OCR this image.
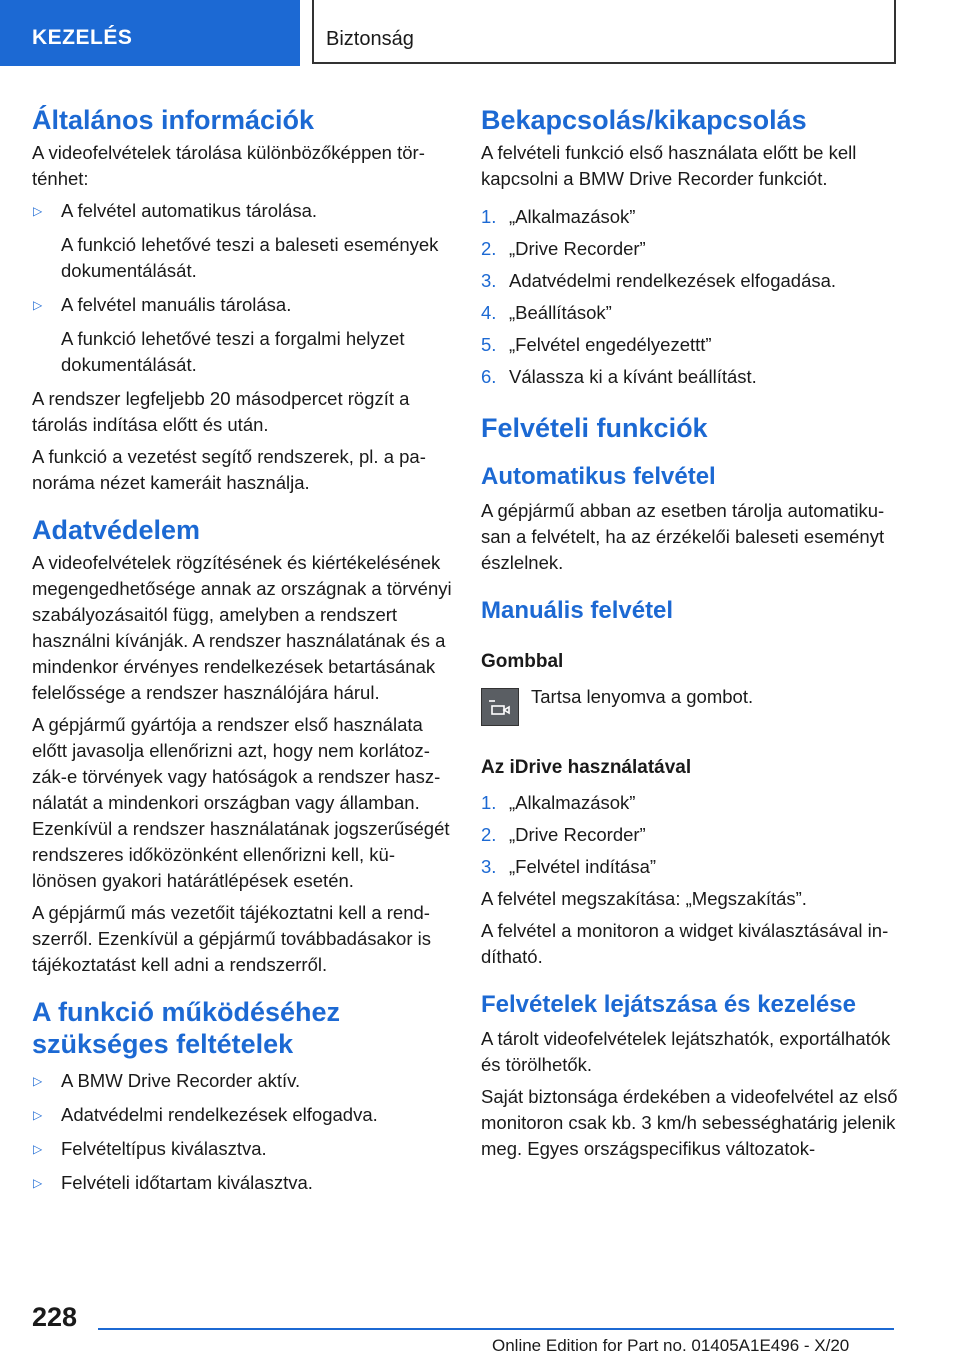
KEZELÉS	Biztonság
Általános információk

A videofelvételek tárolása különbözőképpen történhet:

▷ A felvétel automatikus tárolása.
A funkció lehetővé teszi a baleseti események dokumentálását.
▷ A felvétel manuális tárolása.
A funkció lehetővé teszi a forgalmi helyzet dokumentálását.

A rendszer legfeljebb 20 másodpercet rögzít a tárolás indítása előtt és után.

A funkció a vezetést segítő rendszerek, pl. a panoráma nézet kameráit használja.

Adatvédelem

A videofelvételek rögzítésének és kiértékelésének megengedhetősége annak az országnak a törvényi szabályozásaitól függ, amelyben a rendszert használni kívánják. A rendszer használatának és a mindenkor érvényes rendelkezések betartásának felelőssége a rendszer használójára hárul.

A gépjármű gyártója a rendszer első használata előtt javasolja ellenőrizni azt, hogy nem korlátozzák-e törvények vagy hatóságok a rendszer használatát a mindenkori országban vagy államban. Ezenkívül a rendszer használatának jogszerűségét rendszeres időközönként ellenőrizni kell, különösen gyakori határátlépések esetén.

A gépjármű más vezetőit tájékoztatni kell a rendszerről. Ezenkívül a gépjármű továbbadásakor is tájékoztatást kell adni a rendszerről.

A funkció működéséhez szükséges feltételek
▷ A BMW Drive Recorder aktív.
▷ Adatvédelmi rendelkezések elfogadva.
▷ Felvételtípus kiválasztva.
▷ Felvételi időtartam kiválasztva.
Bekapcsolás/kikapcsolás

A felvételi funkció első használata előtt be kell kapcsolni a BMW Drive Recorder funkciót.

1. „Alkalmazások”
2. „Drive Recorder”
3. Adatvédelmi rendelkezések elfogadása.
4. „Beállítások”
5. „Felvétel engedélyezettt”
6. Válassza ki a kívánt beállítást.
Felvételi funkciók
Automatikus felvétel

A gépjármű abban az esetben tárolja automatikusan a felvételt, ha az érzékelői baleseti eseményt észlelnek.

Manuális felvétel
Gombbal
Tartsa lenyomva a gombot.
Az iDrive használatával
1. „Alkalmazások”
2. „Drive Recorder”
3. „Felvétel indítása”

A felvétel megszakítása: „Megszakítás”.

A felvétel a monitoron a widget kiválasztásával indítható.

Felvételek lejátszása és kezelése

A tárolt videofelvételek lejátszhatók, exportálhatók és törölhetők.

Saját biztonsága érdekében a videofelvétel az első monitoron csak kb. 3 km/h sebességhatárig jelenik meg. Egyes országspecifikus változatok-

228
Online Edition for Part no. 01405A1E496 - X/20
